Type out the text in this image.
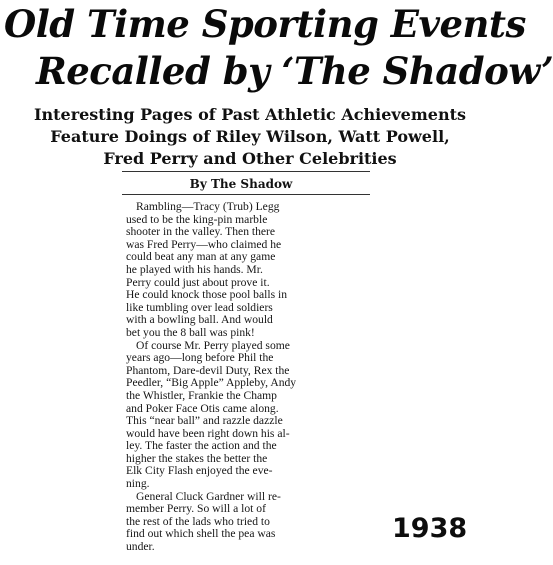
Old Time Sporting Events
Recalled by ‘The Shadow’
Interesting Pages of Past Athletic Achievements
Feature Doings of Riley Wilson, Watt Powell,
Fred Perry and Other Celebrities
By The Shadow
Rambling—Tracy (Trub) Legg
used to be the king-pin marble
shooter in the valley. Then there
was Fred Perry—who claimed he
could beat any man at any game
he played with his hands. Mr.
Perry could just about prove it.
He could knock those pool balls in
like tumbling over lead soldiers
with a bowling ball. And would
bet you the 8 ball was pink!
Of course Mr. Perry played some
years ago—long before Phil the
Phantom, Dare-devil Duty, Rex the
Peedler, “Big Apple” Appleby, Andy
the Whistler, Frankie the Champ
and Poker Face Otis came along.
This “near ball” and razzle dazzle
would have been right down his al-
ley. The faster the action and the
higher the stakes the better the
Elk City Flash enjoyed the eve-
ning.
General Cluck Gardner will re-
member Perry. So will a lot of
the rest of the lads who tried to
find out which shell the pea was
under.
1938
